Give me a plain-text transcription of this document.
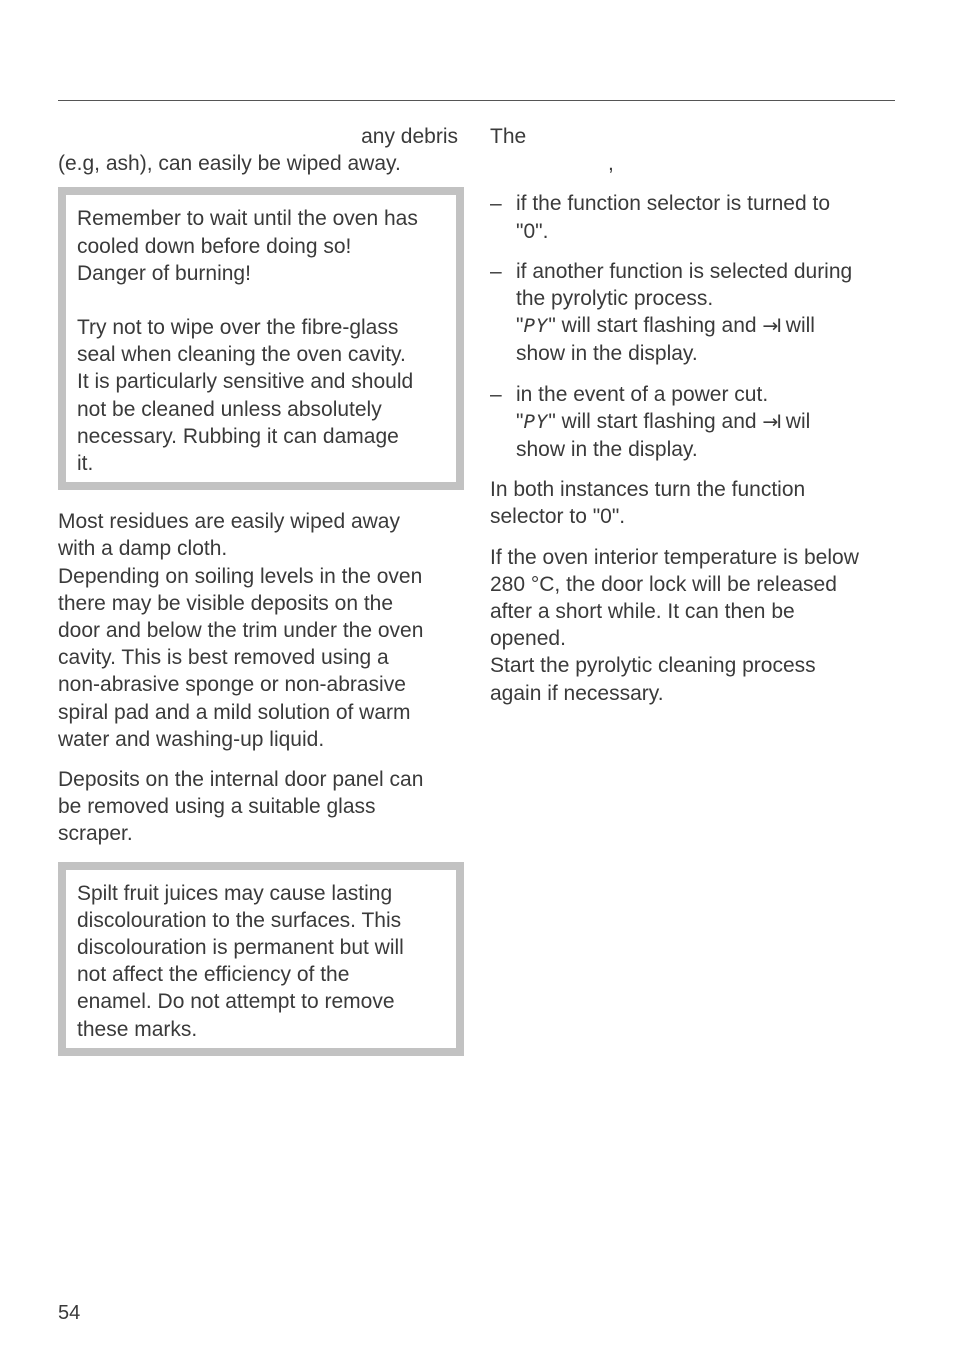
any debris
(e.g, ash), can easily be wiped away.

Remember to wait until the oven has
cooled down before doing so!
Danger of burning!

Try not to wipe over the fibre-glass
seal when cleaning the oven cavity.
It is particularly sensitive and should
not be cleaned unless absolutely
necessary. Rubbing it can damage
it.

Most residues are easily wiped away
with a damp cloth.
Depending on soiling levels in the oven
there may be visible deposits on the
door and below the trim under the oven
cavity. This is best removed using a
non-abrasive sponge or non-abrasive
spiral pad and a mild solution of warm
water and washing-up liquid.

Deposits on the internal door panel can
be removed using a suitable glass
scraper.

Spilt fruit juices may cause lasting
discolouration to the surfaces. This
discolouration is permanent but will
not affect the efficiency of the
enamel. Do not attempt to remove
these marks.

The
,

– if the function selector is turned to
"0".
– if another function is selected during
the pyrolytic process.
"PY" will start flashing and →I will
show in the display.
– in the event of a power cut.
"PY" will start flashing and →I wil
show in the display.

In both instances turn the function
selector to "0".

If the oven interior temperature is below
280 °C, the door lock will be released
after a short while. It can then be
opened.
Start the pyrolytic cleaning process
again if necessary.

54
